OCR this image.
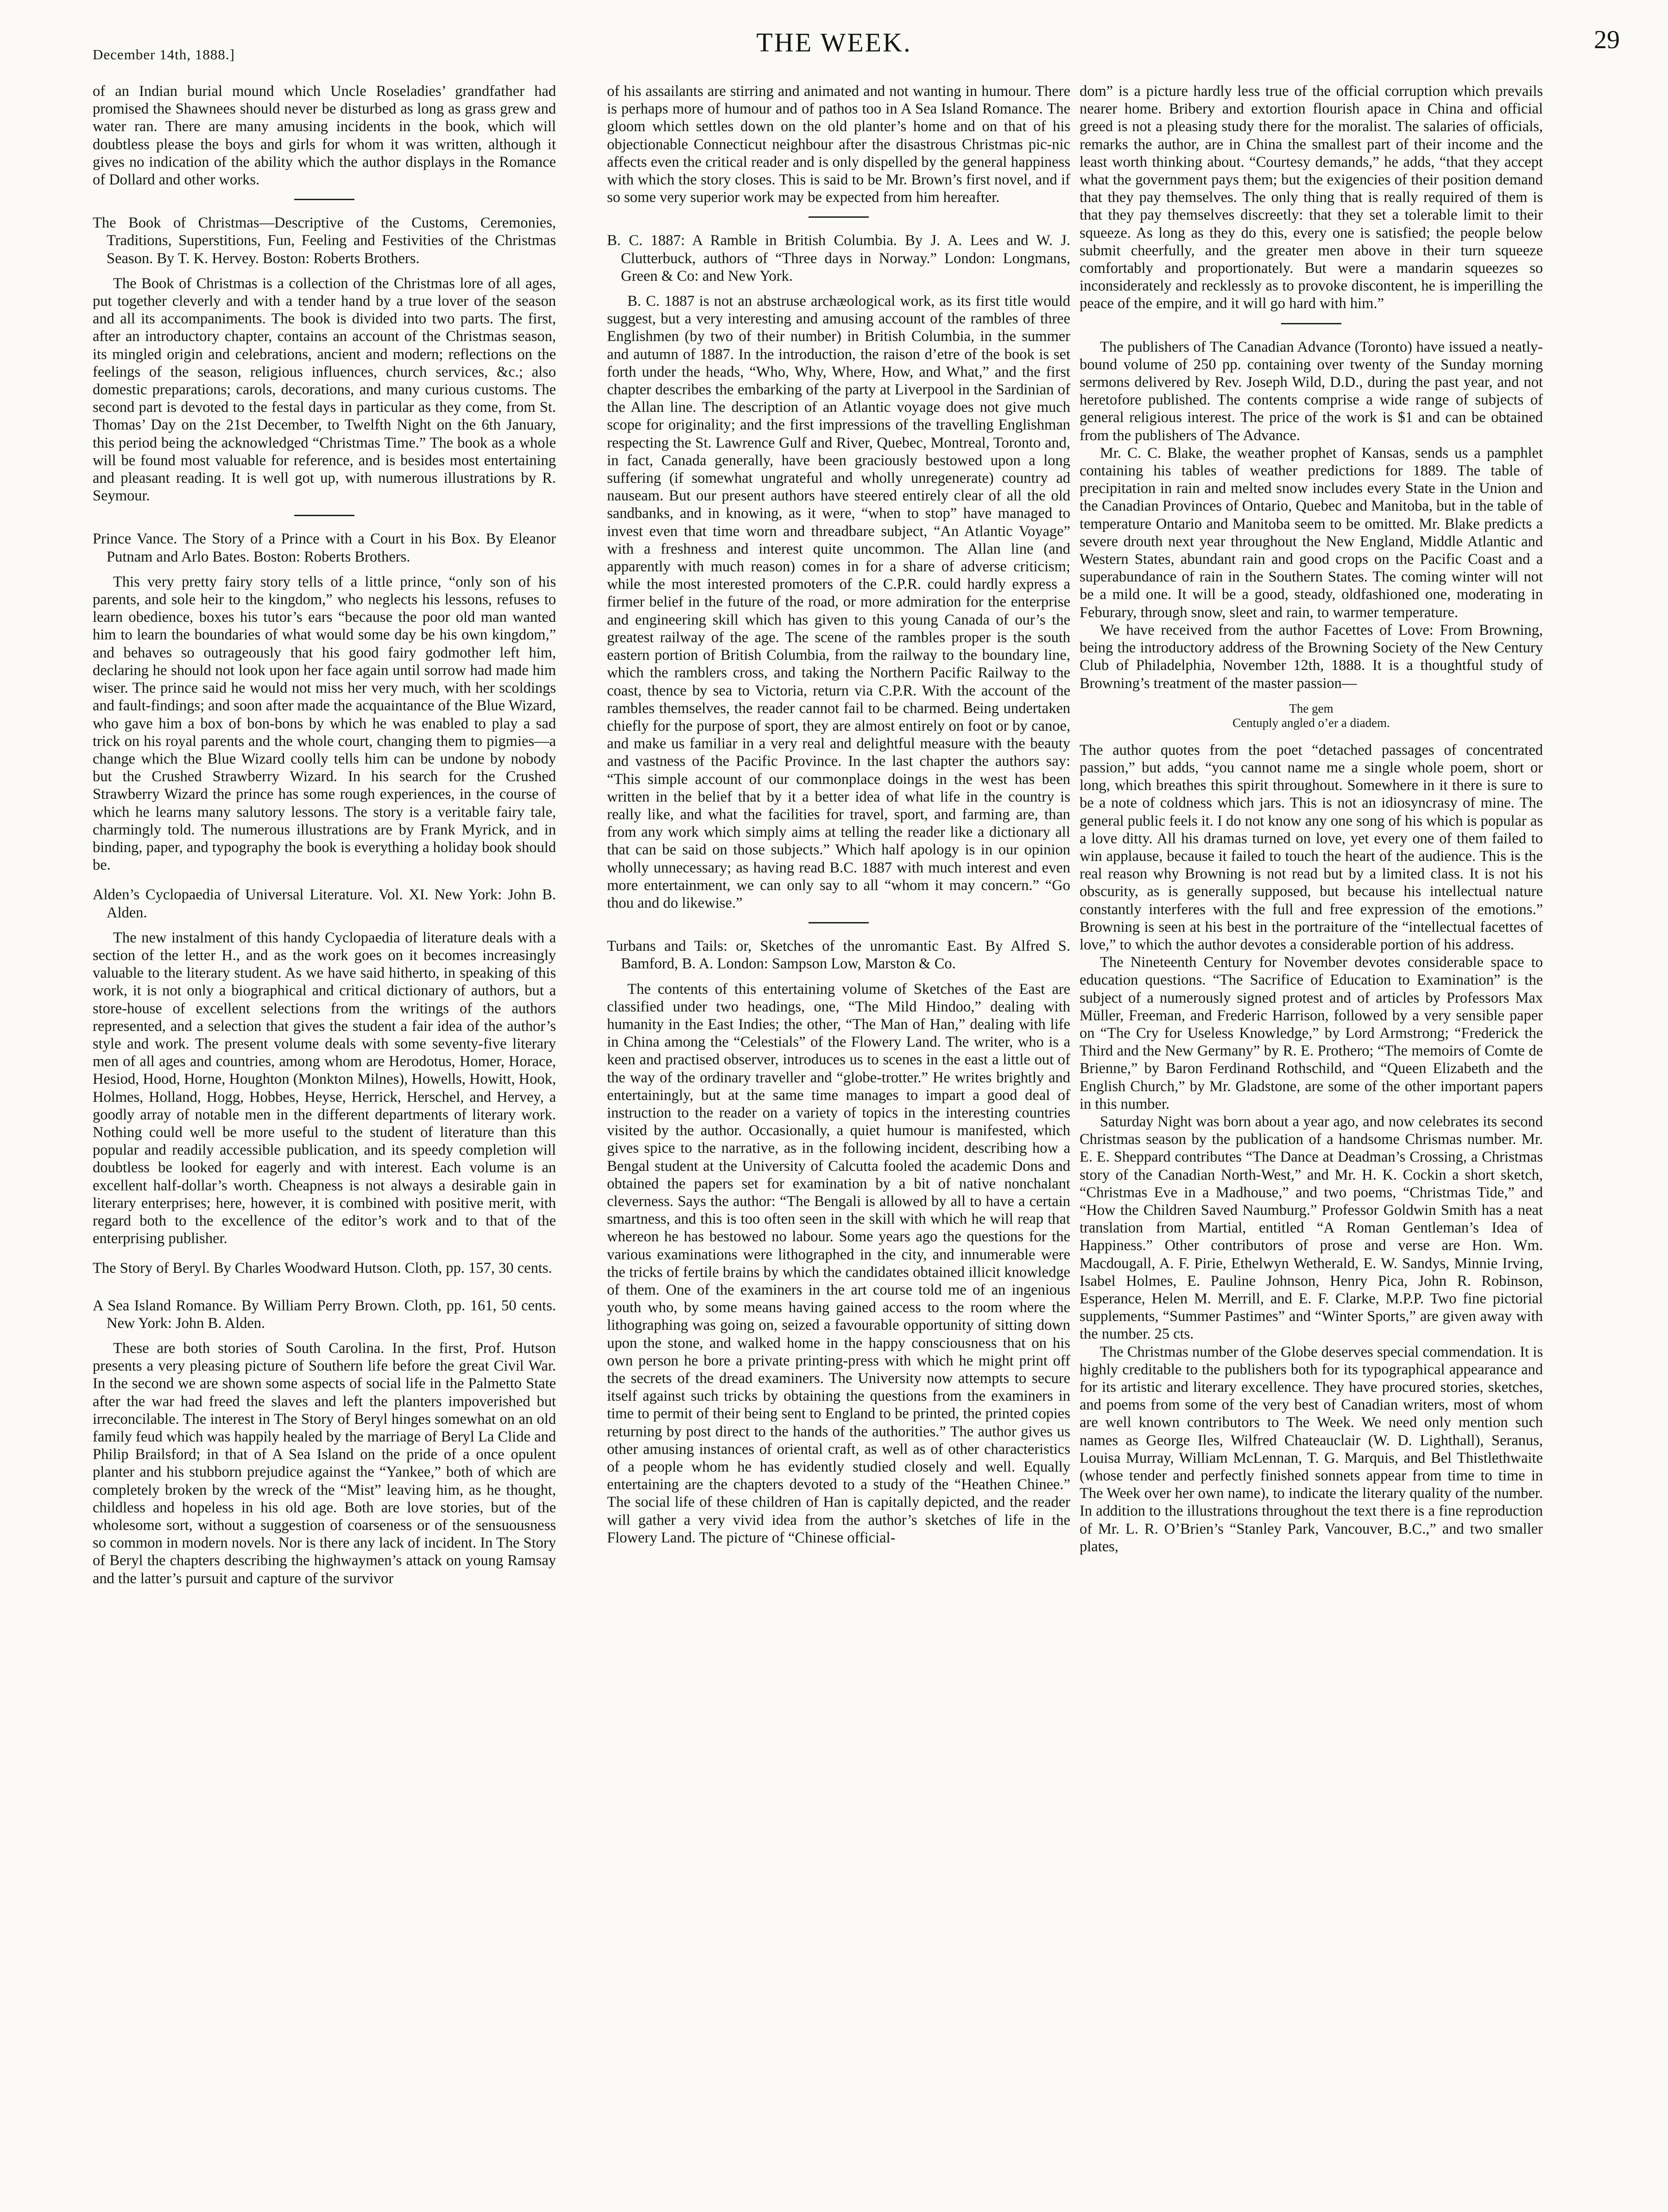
December 14th, 1888.]	THE WEEK.	29

of an Indian burial mound which Uncle Roseladies’ grandfather had promised the Shawnees should never be disturbed as long as grass grew and water ran. There are many amusing incidents in the book, which will doubtless please the boys and girls for whom it was written, although it gives no indication of the ability which the author displays in the Romance of Dollard and other works.

The Book of Christmas—Descriptive of the Customs, Ceremonies, Traditions, Superstitions, Fun, Feeling and Festivities of the Christmas Season. By T. K. Hervey. Boston: Roberts Brothers.

The Book of Christmas is a collection of the Christmas lore of all ages, put together cleverly and with a tender hand by a true lover of the season and all its accompaniments. The book is divided into two parts. The first, after an introductory chapter, contains an account of the Christmas season, its mingled origin and celebrations, ancient and modern; reflections on the feelings of the season, religious influences, church services, &c.; also domestic preparations; carols, decorations, and many curious customs. The second part is devoted to the festal days in particular as they come, from St. Thomas’ Day on the 21st December, to Twelfth Night on the 6th January, this period being the acknowledged “Christmas Time.” The book as a whole will be found most valuable for reference, and is besides most entertaining and pleasant reading. It is well got up, with numerous illustrations by R. Seymour.

Prince Vance. The Story of a Prince with a Court in his Box. By Eleanor Putnam and Arlo Bates. Boston: Roberts Brothers.

This very pretty fairy story tells of a little prince, “only son of his parents, and sole heir to the kingdom,” who neglects his lessons, refuses to learn obedience, boxes his tutor’s ears “because the poor old man wanted him to learn the boundaries of what would some day be his own kingdom,” and behaves so outrageously that his good fairy godmother left him, declaring he should not look upon her face again until sorrow had made him wiser. The prince said he would not miss her very much, with her scoldings and fault-findings; and soon after made the acquaintance of the Blue Wizard, who gave him a box of bon-bons by which he was enabled to play a sad trick on his royal parents and the whole court, changing them to pigmies—a change which the Blue Wizard coolly tells him can be undone by nobody but the Crushed Strawberry Wizard. In his search for the Crushed Strawberry Wizard the prince has some rough experiences, in the course of which he learns many salutory lessons. The story is a veritable fairy tale, charmingly told. The numerous illustrations are by Frank Myrick, and in binding, paper, and typography the book is everything a holiday book should be.

Alden’s Cyclopaedia of Universal Literature. Vol. XI. New York: John B. Alden.

The new instalment of this handy Cyclopaedia of literature deals with a section of the letter H., and as the work goes on it becomes increasingly valuable to the literary student. As we have said hitherto, in speaking of this work, it is not only a biographical and critical dictionary of authors, but a store-house of excellent selections from the writings of the authors represented, and a selection that gives the student a fair idea of the author’s style and work. The present volume deals with some seventy-five literary men of all ages and countries, among whom are Herodotus, Homer, Horace, Hesiod, Hood, Horne, Houghton (Monkton Milnes), Howells, Howitt, Hook, Holmes, Holland, Hogg, Hobbes, Heyse, Herrick, Herschel, and Hervey, a goodly array of notable men in the different departments of literary work. Nothing could well be more useful to the student of literature than this popular and readily accessible publication, and its speedy completion will doubtless be looked for eagerly and with interest. Each volume is an excellent half-dollar’s worth. Cheapness is not always a desirable gain in literary enterprises; here, however, it is combined with positive merit, with regard both to the excellence of the editor’s work and to that of the enterprising publisher.

The Story of Beryl. By Charles Woodward Hutson. Cloth, pp. 157, 30 cents.

A Sea Island Romance. By William Perry Brown. Cloth, pp. 161, 50 cents. New York: John B. Alden.

These are both stories of South Carolina. In the first, Prof. Hutson presents a very pleasing picture of Southern life before the great Civil War. In the second we are shown some aspects of social life in the Palmetto State after the war had freed the slaves and left the planters impoverished but irreconcilable. The interest in The Story of Beryl hinges somewhat on an old family feud which was happily healed by the marriage of Beryl La Clide and Philip Brailsford; in that of A Sea Island on the pride of a once opulent planter and his stubborn prejudice against the “Yankee,” both of which are completely broken by the wreck of the “Mist” leaving him, as he thought, childless and hopeless in his old age. Both are love stories, but of the wholesome sort, without a suggestion of coarseness or of the sensuousness so common in modern novels. Nor is there any lack of incident. In The Story of Beryl the chapters describing the highwaymen’s attack on young Ramsay and the latter’s pursuit and capture of the survivor

of his assailants are stirring and animated and not wanting in humour. There is perhaps more of humour and of pathos too in A Sea Island Romance. The gloom which settles down on the old planter’s home and on that of his objectionable Connecticut neighbour after the disastrous Christmas pic-nic affects even the critical reader and is only dispelled by the general happiness with which the story closes. This is said to be Mr. Brown’s first novel, and if so some very superior work may be expected from him hereafter.

B. C. 1887: A Ramble in British Columbia. By J. A. Lees and W. J. Clutterbuck, authors of “Three days in Norway.” London: Longmans, Green & Co: and New York.

B. C. 1887 is not an abstruse archæological work, as its first title would suggest, but a very interesting and amusing account of the rambles of three Englishmen (by two of their number) in British Columbia, in the summer and autumn of 1887. In the introduction, the raison d’etre of the book is set forth under the heads, “Who, Why, Where, How, and What,” and the first chapter describes the embarking of the party at Liverpool in the Sardinian of the Allan line. The description of an Atlantic voyage does not give much scope for originality; and the first impressions of the travelling Englishman respecting the St. Lawrence Gulf and River, Quebec, Montreal, Toronto and, in fact, Canada generally, have been graciously bestowed upon a long suffering (if somewhat ungrateful and wholly unregenerate) country ad nauseam. But our present authors have steered entirely clear of all the old sandbanks, and in knowing, as it were, “when to stop” have managed to invest even that time worn and threadbare subject, “An Atlantic Voyage” with a freshness and interest quite uncommon. The Allan line (and apparently with much reason) comes in for a share of adverse criticism; while the most interested promoters of the C.P.R. could hardly express a firmer belief in the future of the road, or more admiration for the enterprise and engineering skill which has given to this young Canada of our’s the greatest railway of the age. The scene of the rambles proper is the south eastern portion of British Columbia, from the railway to the boundary line, which the ramblers cross, and taking the Northern Pacific Railway to the coast, thence by sea to Victoria, return via C.P.R. With the account of the rambles themselves, the reader cannot fail to be charmed. Being undertaken chiefly for the purpose of sport, they are almost entirely on foot or by canoe, and make us familiar in a very real and delightful measure with the beauty and vastness of the Pacific Province. In the last chapter the authors say: “This simple account of our commonplace doings in the west has been written in the belief that by it a better idea of what life in the country is really like, and what the facilities for travel, sport, and farming are, than from any work which simply aims at telling the reader like a dictionary all that can be said on those subjects.” Which half apology is in our opinion wholly unnecessary; as having read B.C. 1887 with much interest and even more entertainment, we can only say to all “whom it may concern.” “Go thou and do likewise.”

Turbans and Tails: or, Sketches of the unromantic East. By Alfred S. Bamford, B. A. London: Sampson Low, Marston & Co.

The contents of this entertaining volume of Sketches of the East are classified under two headings, one, “The Mild Hindoo,” dealing with humanity in the East Indies; the other, “The Man of Han,” dealing with life in China among the “Celestials” of the Flowery Land. The writer, who is a keen and practised observer, introduces us to scenes in the east a little out of the way of the ordinary traveller and “globe-trotter.” He writes brightly and entertainingly, but at the same time manages to impart a good deal of instruction to the reader on a variety of topics in the interesting countries visited by the author. Occasionally, a quiet humour is manifested, which gives spice to the narrative, as in the following incident, describing how a Bengal student at the University of Calcutta fooled the academic Dons and obtained the papers set for examination by a bit of native nonchalant cleverness. Says the author: “The Bengali is allowed by all to have a certain smartness, and this is too often seen in the skill with which he will reap that whereon he has bestowed no labour. Some years ago the questions for the various examinations were lithographed in the city, and innumerable were the tricks of fertile brains by which the candidates obtained illicit knowledge of them. One of the examiners in the art course told me of an ingenious youth who, by some means having gained access to the room where the lithographing was going on, seized a favourable opportunity of sitting down upon the stone, and walked home in the happy consciousness that on his own person he bore a private printing-press with which he might print off the secrets of the dread examiners. The University now attempts to secure itself against such tricks by obtaining the questions from the examiners in time to permit of their being sent to England to be printed, the printed copies returning by post direct to the hands of the authorities.” The author gives us other amusing instances of oriental craft, as well as of other characteristics of a people whom he has evidently studied closely and well. Equally entertaining are the chapters devoted to a study of the “Heathen Chinee.” The social life of these children of Han is capitally depicted, and the reader will gather a very vivid idea from the author’s sketches of life in the Flowery Land. The picture of “Chinese official-

dom” is a picture hardly less true of the official corruption which prevails nearer home. Bribery and extortion flourish apace in China and official greed is not a pleasing study there for the moralist. The salaries of officials, remarks the author, are in China the smallest part of their income and the least worth thinking about. “Courtesy demands,” he adds, “that they accept what the government pays them; but the exigencies of their position demand that they pay themselves. The only thing that is really required of them is that they pay themselves discreetly: that they set a tolerable limit to their squeeze. As long as they do this, every one is satisfied; the people below submit cheerfully, and the greater men above in their turn squeeze comfortably and proportionately. But were a mandarin squeezes so inconsiderately and recklessly as to provoke discontent, he is imperilling the peace of the empire, and it will go hard with him.”

The publishers of The Canadian Advance (Toronto) have issued a neatly-bound volume of 250 pp. containing over twenty of the Sunday morning sermons delivered by Rev. Joseph Wild, D.D., during the past year, and not heretofore published. The contents comprise a wide range of subjects of general religious interest. The price of the work is $1 and can be obtained from the publishers of The Advance.

Mr. C. C. Blake, the weather prophet of Kansas, sends us a pamphlet containing his tables of weather predictions for 1889. The table of precipitation in rain and melted snow includes every State in the Union and the Canadian Provinces of Ontario, Quebec and Manitoba, but in the table of temperature Ontario and Manitoba seem to be omitted. Mr. Blake predicts a severe drouth next year throughout the New England, Middle Atlantic and Western States, abundant rain and good crops on the Pacific Coast and a superabundance of rain in the Southern States. The coming winter will not be a mild one. It will be a good, steady, oldfashioned one, moderating in Feburary, through snow, sleet and rain, to warmer temperature.

We have received from the author Facettes of Love: From Browning, being the introductory address of the Browning Society of the New Century Club of Philadelphia, November 12th, 1888. It is a thoughtful study of Browning’s treatment of the master passion—

The gem
Centuply angled o’er a diadem.

The author quotes from the poet “detached passages of concentrated passion,” but adds, “you cannot name me a single whole poem, short or long, which breathes this spirit throughout. Somewhere in it there is sure to be a note of coldness which jars. This is not an idiosyncrasy of mine. The general public feels it. I do not know any one song of his which is popular as a love ditty. All his dramas turned on love, yet every one of them failed to win applause, because it failed to touch the heart of the audience. This is the real reason why Browning is not read but by a limited class. It is not his obscurity, as is generally supposed, but because his intellectual nature constantly interferes with the full and free expression of the emotions.” Browning is seen at his best in the portraiture of the “intellectual facettes of love,” to which the author devotes a considerable portion of his address.

The Nineteenth Century for November devotes considerable space to education questions. “The Sacrifice of Education to Examination” is the subject of a numerously signed protest and of articles by Professors Max Müller, Freeman, and Frederic Harrison, followed by a very sensible paper on “The Cry for Useless Knowledge,” by Lord Armstrong; “Frederick the Third and the New Germany” by R. E. Prothero; “The memoirs of Comte de Brienne,” by Baron Ferdinand Rothschild, and “Queen Elizabeth and the English Church,” by Mr. Gladstone, are some of the other important papers in this number.

Saturday Night was born about a year ago, and now celebrates its second Christmas season by the publication of a handsome Chrismas number. Mr. E. E. Sheppard contributes “The Dance at Deadman’s Crossing, a Christmas story of the Canadian North-West,” and Mr. H. K. Cockin a short sketch, “Christmas Eve in a Madhouse,” and two poems, “Christmas Tide,” and “How the Children Saved Naumburg.” Professor Goldwin Smith has a neat translation from Martial, entitled “A Roman Gentleman’s Idea of Happiness.” Other contributors of prose and verse are Hon. Wm. Macdougall, A. F. Pirie, Ethelwyn Wetherald, E. W. Sandys, Minnie Irving, Isabel Holmes, E. Pauline Johnson, Henry Pica, John R. Robinson, Esperance, Helen M. Merrill, and E. F. Clarke, M.P.P. Two fine pictorial supplements, “Summer Pastimes” and “Winter Sports,” are given away with the number. 25 cts.

The Christmas number of the Globe deserves special commendation. It is highly creditable to the publishers both for its typographical appearance and for its artistic and literary excellence. They have procured stories, sketches, and poems from some of the very best of Canadian writers, most of whom are well known contributors to The Week. We need only mention such names as George Iles, Wilfred Chateauclair (W. D. Lighthall), Seranus, Louisa Murray, William McLennan, T. G. Marquis, and Bel Thistlethwaite (whose tender and perfectly finished sonnets appear from time to time in The Week over her own name), to indicate the literary quality of the number. In addition to the illustrations throughout the text there is a fine reproduction of Mr. L. R. O’Brien’s “Stanley Park, Vancouver, B.C.,” and two smaller plates,
